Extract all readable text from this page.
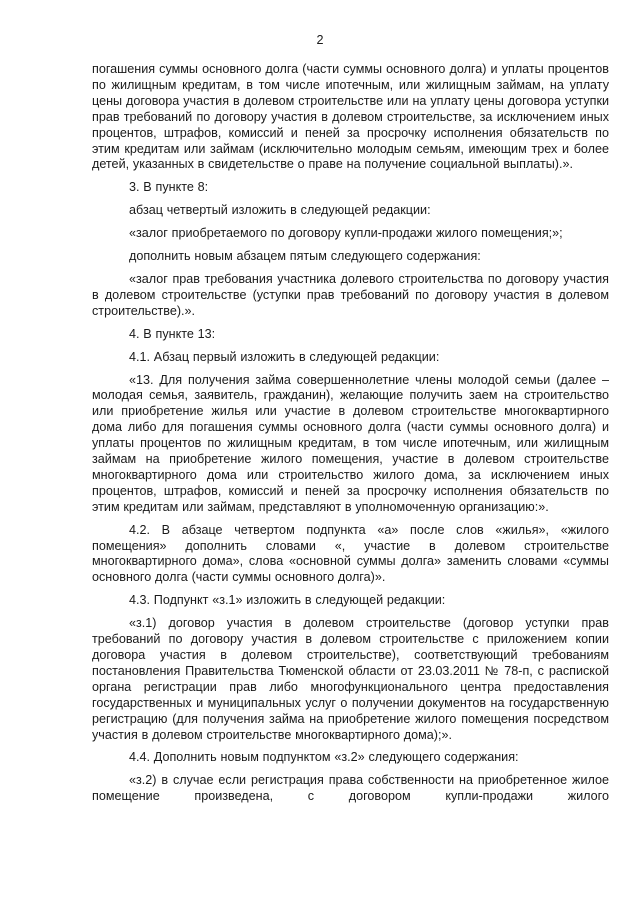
2

погашения суммы основного долга (части суммы основного долга) и уплаты процентов по жилищным кредитам, в том числе ипотечным, или жилищным займам, на уплату цены договора участия в долевом строительстве или на уплату цены договора уступки прав требований по договору участия в долевом строительстве, за исключением иных процентов, штрафов, комиссий и пеней за просрочку исполнения обязательств по этим кредитам или займам (исключительно молодым семьям, имеющим трех и более детей, указанных в свидетельстве о праве на получение социальной выплаты).».

3. В пункте 8:

абзац четвертый изложить в следующей редакции:

«залог приобретаемого по договору купли-продажи жилого помещения;»;

дополнить новым абзацем пятым следующего содержания:

«залог прав требования участника долевого строительства по договору участия в долевом строительстве (уступки прав требований по договору участия в долевом строительстве).».

4. В пункте 13:

4.1. Абзац первый изложить в следующей редакции:

«13. Для получения займа совершеннолетние члены молодой семьи (далее – молодая семья, заявитель, гражданин), желающие получить заем на строительство или приобретение жилья или участие в долевом строительстве многоквартирного дома либо для погашения суммы основного долга (части суммы основного долга) и уплаты процентов по жилищным кредитам, в том числе ипотечным, или жилищным займам на приобретение жилого помещения, участие в долевом строительстве многоквартирного дома или строительство жилого дома, за исключением иных процентов, штрафов, комиссий и пеней за просрочку исполнения обязательств по этим кредитам или займам, представляют в уполномоченную организацию:».

4.2. В абзаце четвертом подпункта «а» после слов «жилья», «жилого помещения» дополнить словами «, участие в долевом строительстве многоквартирного дома», слова «основной суммы долга» заменить словами «суммы основного долга (части суммы основного долга)».

4.3. Подпункт «з.1» изложить в следующей редакции:

«з.1) договор участия в долевом строительстве (договор уступки прав требований по договору участия в долевом строительстве с приложением копии договора участия в долевом строительстве), соответствующий требованиям постановления Правительства Тюменской области от 23.03.2011 № 78-п, с распиской органа регистрации прав либо многофункционального центра предоставления государственных и муниципальных услуг о получении документов на государственную регистрацию (для получения займа на приобретение жилого помещения посредством участия в долевом строительстве многоквартирного дома);».

4.4. Дополнить новым подпунктом «з.2» следующего содержания:

«з.2) в случае если регистрация права собственности на приобретенное жилое помещение произведена, с договором купли-продажи жилого
